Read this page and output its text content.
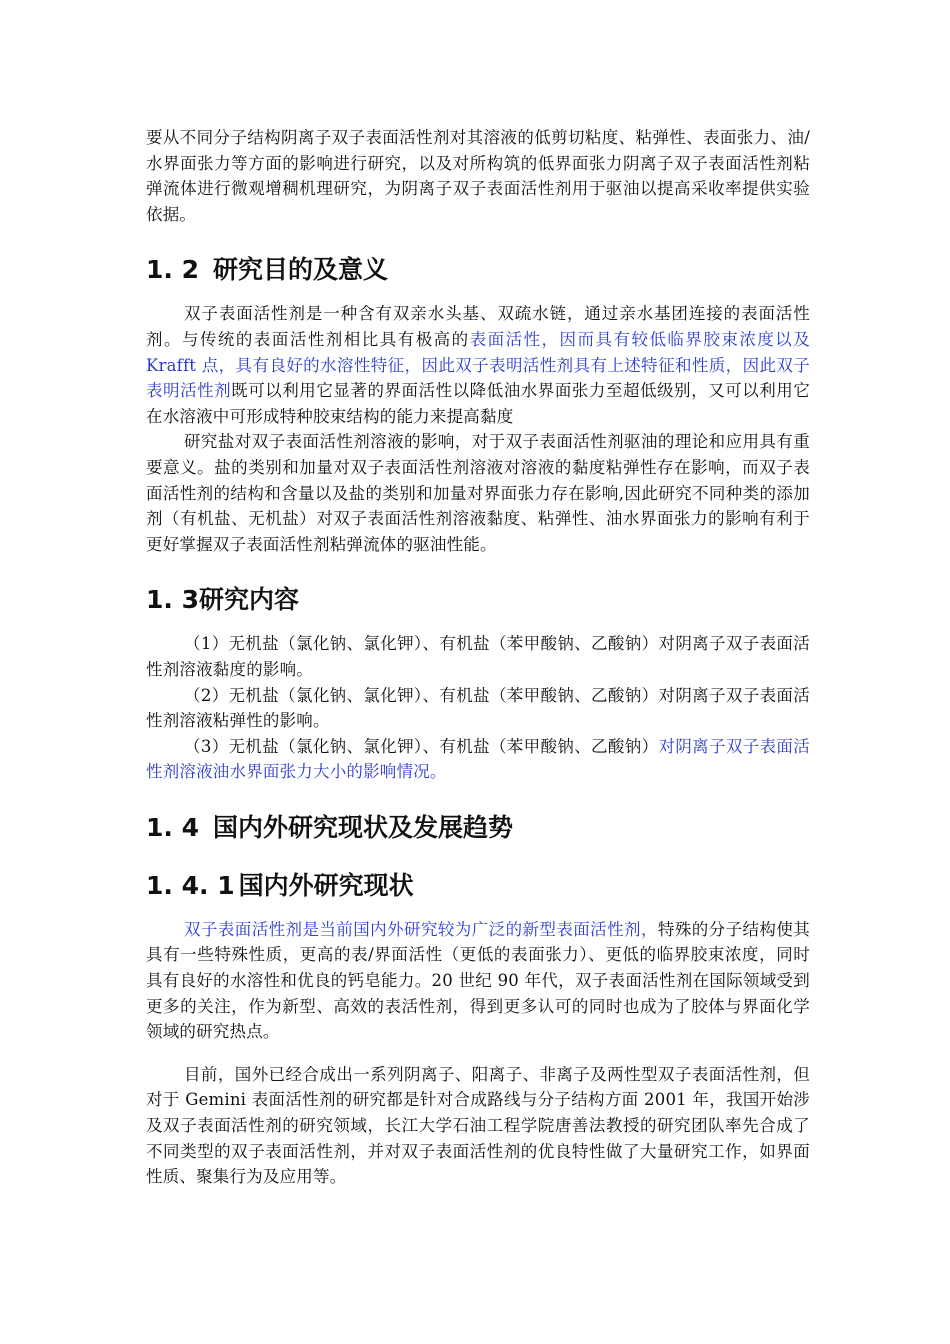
要从不同分子结构阴离子双子表面活性剂对其溶液的低剪切粘度、粘弹性、表面张力、油/水界面张力等方面的影响进行研究，以及对所构筑的低界面张力阴离子双子表面活性剂粘弹流体进行微观增稠机理研究，为阴离子双子表面活性剂用于驱油以提高采收率提供实验依据。

1. 2 研究目的及意义

双子表面活性剂是一种含有双亲水头基、双疏水链，通过亲水基团连接的表面活性剂。与传统的表面活性剂相比具有极高的表面活性，因而具有较低临界胶束浓度以及 Krafft 点，具有良好的水溶性特征，因此双子表明活性剂具有上述特征和性质，因此双子表明活性剂既可以利用它显著的界面活性以降低油水界面张力至超低级别，又可以利用它在水溶液中可形成特种胶束结构的能力来提高黏度

研究盐对双子表面活性剂溶液的影响，对于双子表面活性剂驱油的理论和应用具有重要意义。盐的类别和加量对双子表面活性剂溶液对溶液的黏度粘弹性存在影响，而双子表面活性剂的结构和含量以及盐的类别和加量对界面张力存在影响,因此研究不同种类的添加剂（有机盐、无机盐）对双子表面活性剂溶液黏度、粘弹性、油水界面张力的影响有利于更好掌握双子表面活性剂粘弹流体的驱油性能。

1. 3研究内容

（1）无机盐（氯化钠、氯化钾）、有机盐（苯甲酸钠、乙酸钠）对阴离子双子表面活性剂溶液黏度的影响。

（2）无机盐（氯化钠、氯化钾）、有机盐（苯甲酸钠、乙酸钠）对阴离子双子表面活性剂溶液粘弹性的影响。

（3）无机盐（氯化钠、氯化钾）、有机盐（苯甲酸钠、乙酸钠）对阴离子双子表面活性剂溶液油水界面张力大小的影响情况。

1. 4 国内外研究现状及发展趋势
1. 4. 1 国内外研究现状

双子表面活性剂是当前国内外研究较为广泛的新型表面活性剂，特殊的分子结构使其具有一些特殊性质，更高的表/界面活性（更低的表面张力）、更低的临界胶束浓度，同时具有良好的水溶性和优良的钙皂能力。20 世纪 90 年代，双子表面活性剂在国际领域受到更多的关注，作为新型、高效的表活性剂，得到更多认可的同时也成为了胶体与界面化学领域的研究热点。

目前，国外已经合成出一系列阴离子、阳离子、非离子及两性型双子表面活性剂，但对于 Gemini 表面活性剂的研究都是针对合成路线与分子结构方面 2001 年，我国开始涉及双子表面活性剂的研究领域，长江大学石油工程学院唐善法教授的研究团队率先合成了不同类型的双子表面活性剂，并对双子表面活性剂的优良特性做了大量研究工作，如界面性质、聚集行为及应用等。
